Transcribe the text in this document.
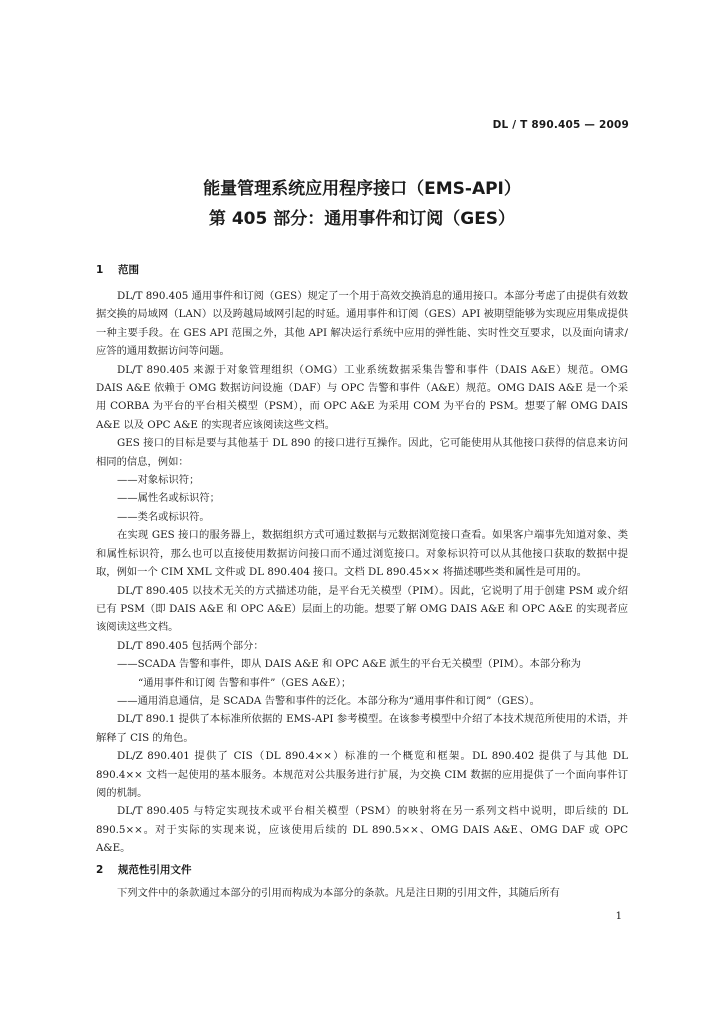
DL / T 890.405 — 2009
能量管理系统应用程序接口（EMS-API）
第 405 部分：通用事件和订阅（GES）
1 范围

DL/T 890.405 通用事件和订阅（GES）规定了一个用于高效交换消息的通用接口。本部分考虑了由提供有效数据交换的局域网（LAN）以及跨越局域网引起的时延。通用事件和订阅（GES）API 被期望能够为实现应用集成提供一种主要手段。在 GES API 范围之外，其他 API 解决运行系统中应用的弹性能、实时性交互要求，以及面向请求/应答的通用数据访问等问题。

DL/T 890.405 来源于对象管理组织（OMG）工业系统数据采集告警和事件（DAIS A&E）规范。OMG DAIS A&E 依赖于 OMG 数据访问设施（DAF）与 OPC 告警和事件（A&E）规范。OMG DAIS A&E 是一个采用 CORBA 为平台的平台相关模型（PSM），而 OPC A&E 为采用 COM 为平台的 PSM。想要了解 OMG DAIS A&E 以及 OPC A&E 的实现者应该阅读这些文档。

GES 接口的目标是要与其他基于 DL 890 的接口进行互操作。因此，它可能使用从其他接口获得的信息来访问相同的信息，例如：

——对象标识符；

——属性名或标识符；

——类名或标识符。

在实现 GES 接口的服务器上，数据组织方式可通过数据与元数据浏览接口查看。如果客户端事先知道对象、类和属性标识符，那么也可以直接使用数据访问接口而不通过浏览接口。对象标识符可以从其他接口获取的数据中提取，例如一个 CIM XML 文件或 DL 890.404 接口。文档 DL 890.45×× 将描述哪些类和属性是可用的。

DL/T 890.405 以技术无关的方式描述功能，是平台无关模型（PIM）。因此，它说明了用于创建 PSM 或介绍已有 PSM（即 DAIS A&E 和 OPC A&E）层面上的功能。想要了解 OMG DAIS A&E 和 OPC A&E 的实现者应该阅读这些文档。

DL/T 890.405 包括两个部分：

——SCADA 告警和事件，即从 DAIS A&E 和 OPC A&E 派生的平台无关模型（PIM）。本部分称为

“通用事件和订阅 告警和事件”（GES A&E）；

——通用消息通信，是 SCADA 告警和事件的泛化。本部分称为“通用事件和订阅”（GES）。

DL/T 890.1 提供了本标准所依据的 EMS-API 参考模型。在该参考模型中介绍了本技术规范所使用的术语，并解释了 CIS 的角色。

DL/Z 890.401 提供了 CIS（DL 890.4××）标准的一个概览和框架。DL 890.402 提供了与其他 DL 890.4×× 文档一起使用的基本服务。本规范对公共服务进行扩展，为交换 CIM 数据的应用提供了一个面向事件订阅的机制。

DL/T 890.405 与特定实现技术或平台相关模型（PSM）的映射将在另一系列文档中说明，即后续的 DL 890.5××。对于实际的实现来说，应该使用后续的 DL 890.5××、OMG DAIS A&E、OMG DAF 或 OPC A&E。

2 规范性引用文件

下列文件中的条款通过本部分的引用而构成为本部分的条款。凡是注日期的引用文件，其随后所有

1
